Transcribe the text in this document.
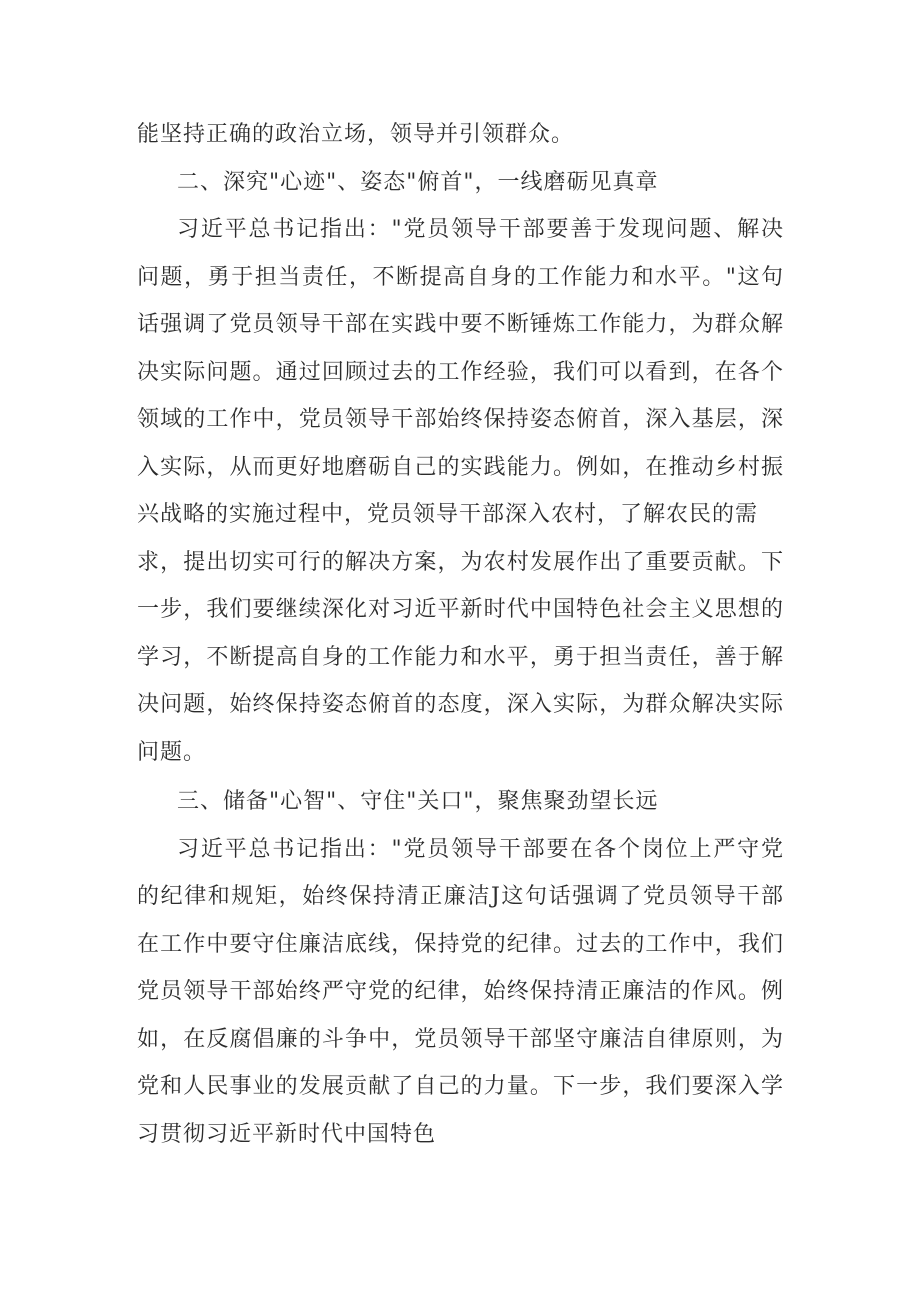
能坚持正确的政治立场，领导并引领群众。
二、深究"心迹"、姿态"俯首"，一线磨砺见真章
习近平总书记指出："党员领导干部要善于发现问题、解决
问题，勇于担当责任，不断提高自身的工作能力和水平。"这句
话强调了党员领导干部在实践中要不断锤炼工作能力，为群众解
决实际问题。通过回顾过去的工作经验，我们可以看到，在各个
领域的工作中，党员领导干部始终保持姿态俯首，深入基层，深
入实际，从而更好地磨砺自己的实践能力。例如，在推动乡村振
兴战略的实施过程中，党员领导干部深入农村，了解农民的需
求，提出切实可行的解决方案，为农村发展作出了重要贡献。下
一步，我们要继续深化对习近平新时代中国特色社会主义思想的
学习，不断提高自身的工作能力和水平，勇于担当责任，善于解
决问题，始终保持姿态俯首的态度，深入实际，为群众解决实际
问题。
三、储备"心智"、守住"关口"，聚焦聚劲望长远
习近平总书记指出："党员领导干部要在各个岗位上严守党
的纪律和规矩，始终保持清正廉洁J这句话强调了党员领导干部
在工作中要守住廉洁底线，保持党的纪律。过去的工作中，我们
党员领导干部始终严守党的纪律，始终保持清正廉洁的作风。例
如，在反腐倡廉的斗争中，党员领导干部坚守廉洁自律原则，为
党和人民事业的发展贡献了自己的力量。下一步，我们要深入学
习贯彻习近平新时代中国特色
